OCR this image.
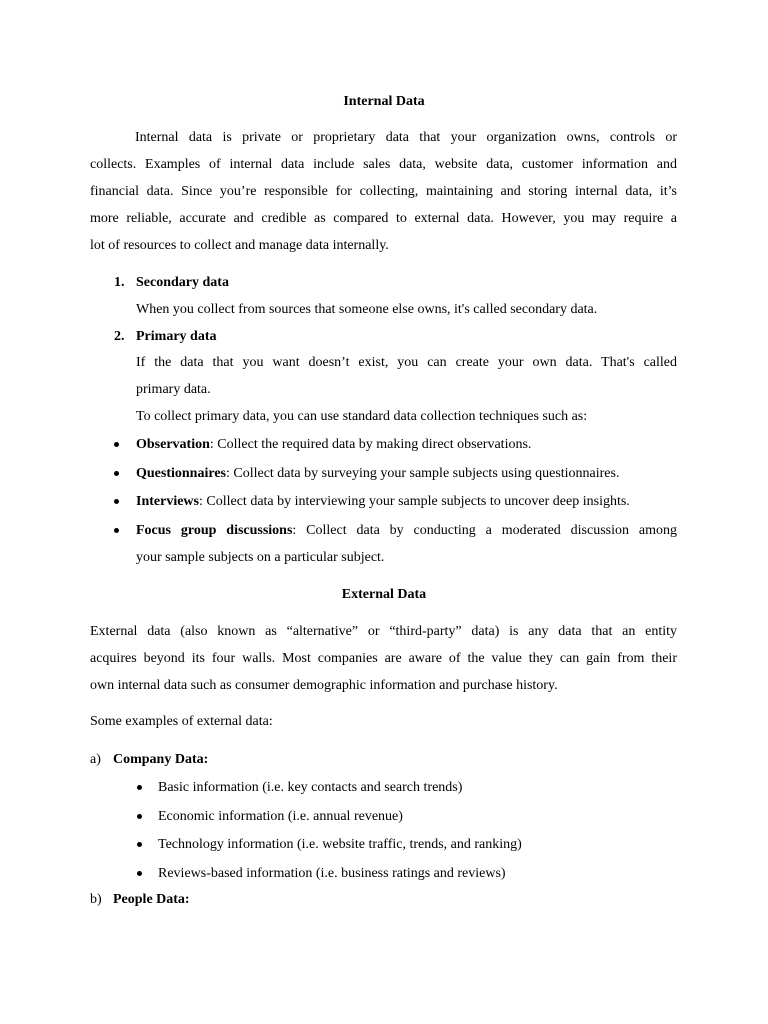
Internal Data
Internal data is private or proprietary data that your organization owns, controls or
collects. Examples of internal data include sales data, website data, customer information and
financial data. Since you’re responsible for collecting, maintaining and storing internal data, it’s
more reliable, accurate and credible as compared to external data. However, you may require a
lot of resources to collect and manage data internally.
1. Secondary data
When you collect from sources that someone else owns, it's called secondary data.
2. Primary data
If the data that you want doesn’t exist, you can create your own data. That's called
primary data.
To collect primary data, you can use standard data collection techniques such as:
Observation: Collect the required data by making direct observations.
Questionnaires: Collect data by surveying your sample subjects using questionnaires.
Interviews: Collect data by interviewing your sample subjects to uncover deep insights.
Focus group discussions: Collect data by conducting a moderated discussion among
your sample subjects on a particular subject.
External Data
External data (also known as “alternative” or “third-party” data) is any data that an entity
acquires beyond its four walls. Most companies are aware of the value they can gain from their
own internal data such as consumer demographic information and purchase history.
Some examples of external data:
a) Company Data:
Basic information (i.e. key contacts and search trends)
Economic information (i.e. annual revenue)
Technology information (i.e. website traffic, trends, and ranking)
Reviews-based information (i.e. business ratings and reviews)
b) People Data:
